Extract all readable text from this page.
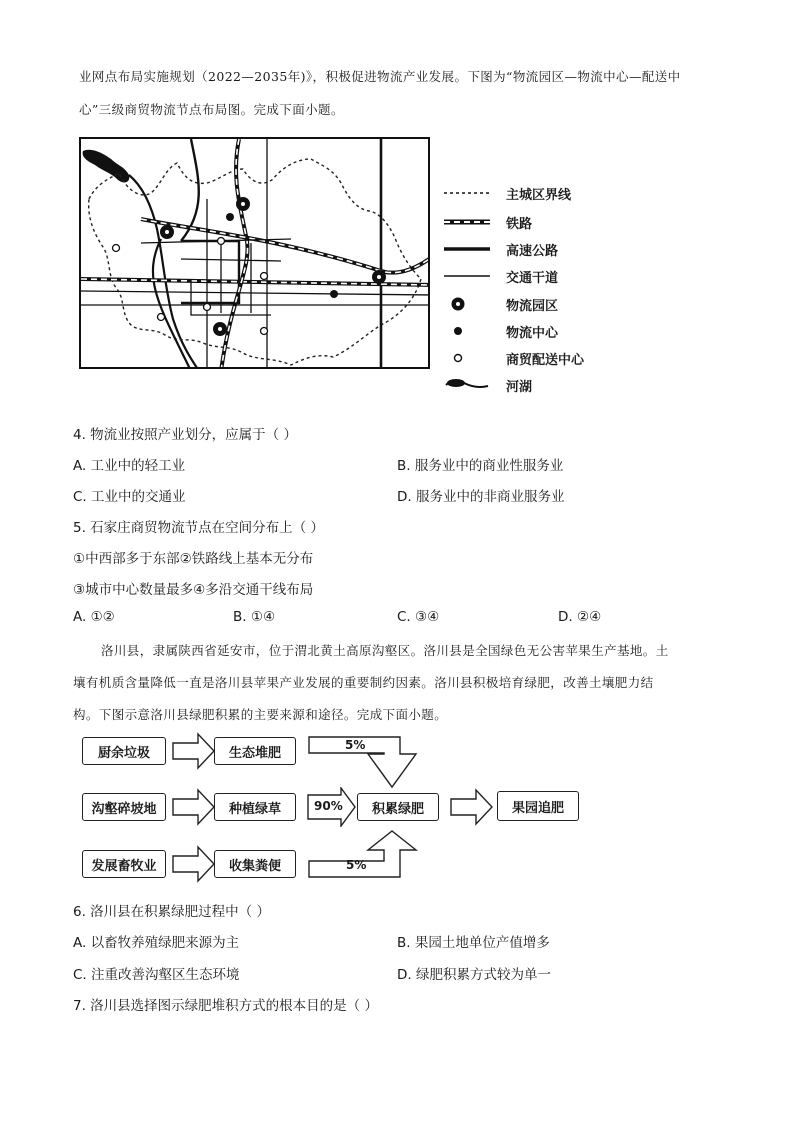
业网点布局实施规划（2022—2035年)》，积极促进物流产业发展。下图为“物流园区—物流中心—配送中
心”三级商贸物流节点布局图。完成下面小题。
主城区界线
铁路
高速公路
交通干道
物流园区
物流中心
商贸配送中心
河湖
4. 物流业按照产业划分，应属于（ ）
A. 工业中的轻工业	B. 服务业中的商业性服务业
C. 工业中的交通业	D. 服务业中的非商业服务业
5. 石家庄商贸物流节点在空间分布上（ ）
①中西部多于东部②铁路线上基本无分布
③城市中心数量最多④多沿交通干线布局
A. ①②	B. ①④	C. ③④	D. ②④
洛川县，隶属陕西省延安市，位于渭北黄土高原沟壑区。洛川县是全国绿色无公害苹果生产基地。土
壤有机质含量降低一直是洛川县苹果产业发展的重要制约因素。洛川县积极培育绿肥，改善土壤肥力结
构。下图示意洛川县绿肥积累的主要来源和途径。完成下面小题。
厨余垃圾	生态堆肥
5%
沟壑碎坡地	种植绿草	90%	积累绿肥	果园追肥
发展畜牧业	收集粪便	5%
6. 洛川县在积累绿肥过程中（ ）
A. 以畜牧养殖绿肥来源为主	B. 果园土地单位产值增多
C. 注重改善沟壑区生态环境	D. 绿肥积累方式较为单一
7. 洛川县选择图示绿肥堆积方式的根本目的是（ ）
